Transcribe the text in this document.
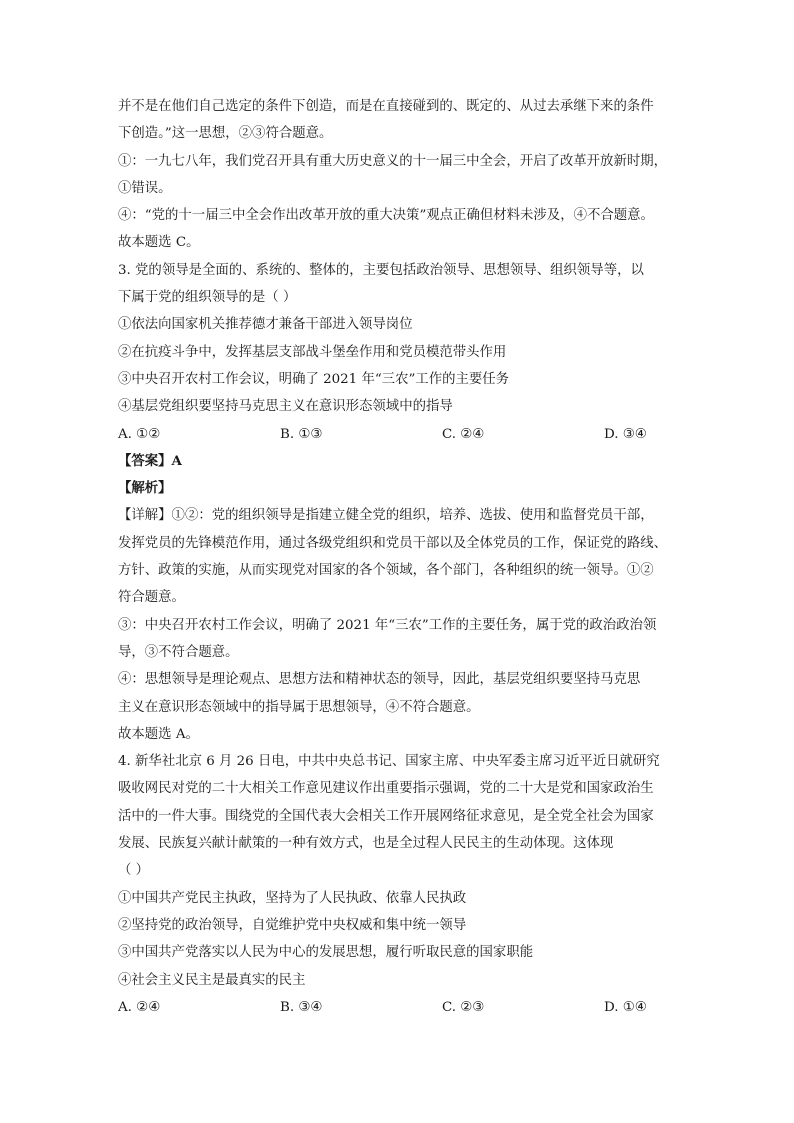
并不是在他们自己选定的条件下创造，而是在直接碰到的、既定的、从过去承继下来的条件
下创造。”这一思想，②③符合题意。
①：一九七八年，我们党召开具有重大历史意义的十一届三中全会，开启了改革开放新时期，
①错误。
④：“党的十一届三中全会作出改革开放的重大决策”观点正确但材料未涉及，④不合题意。
故本题选 C。
3. 党的领导是全面的、系统的、整体的，主要包括政治领导、思想领导、组织领导等，以
下属于党的组织领导的是（ ）
①依法向国家机关推荐德才兼备干部进入领导岗位
②在抗疫斗争中，发挥基层支部战斗堡垒作用和党员模范带头作用
③中央召开农村工作会议，明确了 2021 年“三农”工作的主要任务
④基层党组织要坚持马克思主义在意识形态领域中的指导
A. ①②	B. ①③	C. ②④	D. ③④
【答案】A
【解析】
【详解】①②：党的组织领导是指建立健全党的组织，培养、选拔、使用和监督党员干部，
发挥党员的先锋模范作用，通过各级党组织和党员干部以及全体党员的工作，保证党的路线、
方针、政策的实施，从而实现党对国家的各个领域，各个部门，各种组织的统一领导。①②
符合题意。
③：中央召开农村工作会议，明确了 2021 年“三农”工作的主要任务，属于党的政治政治领
导，③不符合题意。
④：思想领导是理论观点、思想方法和精神状态的领导，因此，基层党组织要坚持马克思
主义在意识形态领域中的指导属于思想领导，④不符合题意。
故本题选 A。
4. 新华社北京 6 月 26 日电，中共中央总书记、国家主席、中央军委主席习近平近日就研究
吸收网民对党的二十大相关工作意见建议作出重要指示强调，党的二十大是党和国家政治生
活中的一件大事。围绕党的全国代表大会相关工作开展网络征求意见，是全党全社会为国家
发展、民族复兴献计献策的一种有效方式，也是全过程人民民主的生动体现。这体现
（ ）
①中国共产党民主执政，坚持为了人民执政、依靠人民执政
②坚持党的政治领导，自觉维护党中央权威和集中统一领导
③中国共产党落实以人民为中心的发展思想，履行听取民意的国家职能
④社会主义民主是最真实的民主
A. ②④	B. ③④	C. ②③	D. ①④
